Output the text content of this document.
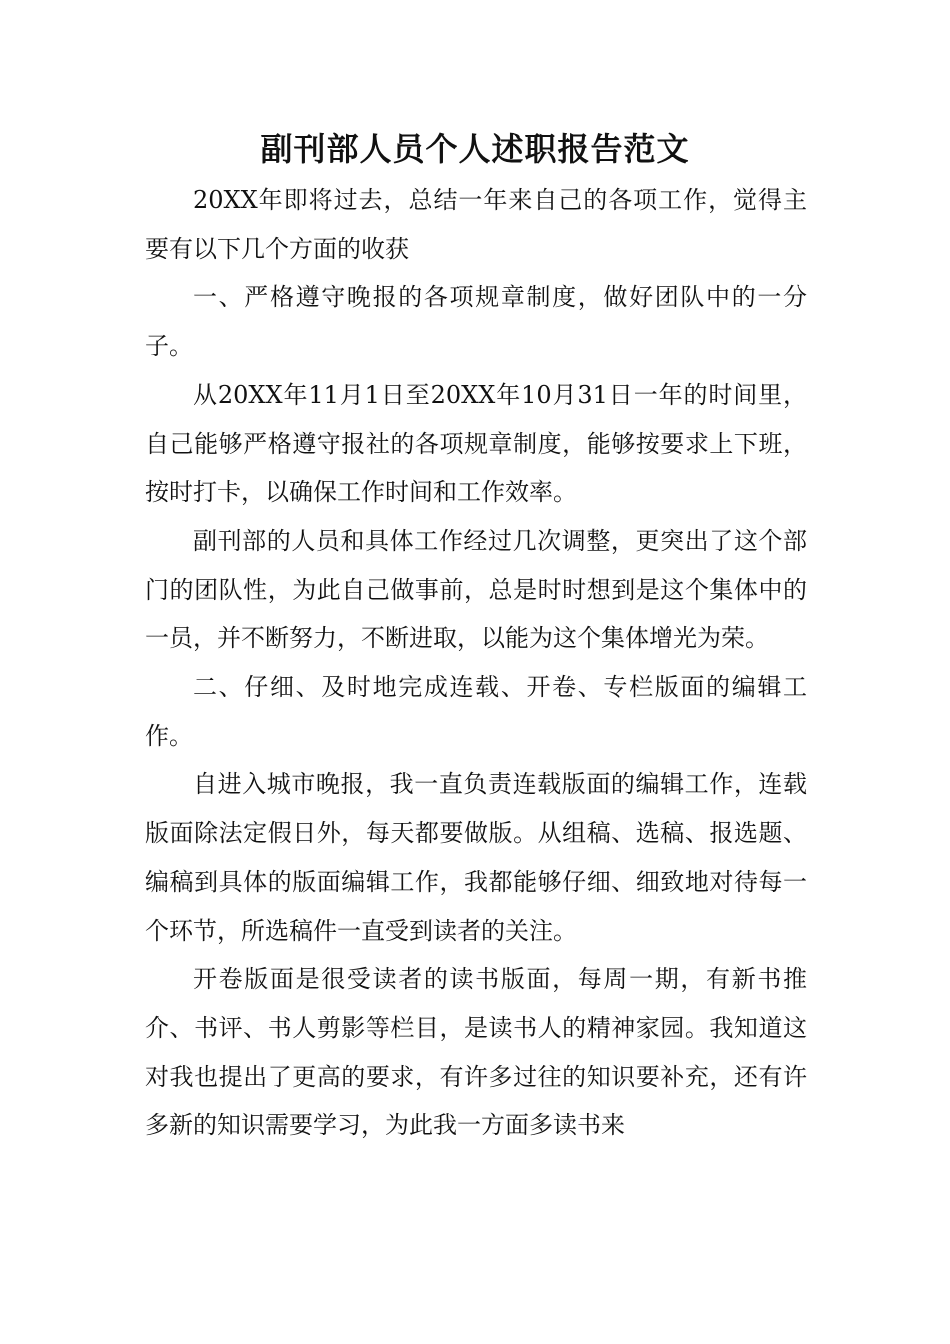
副刊部人员个人述职报告范文

20XX年即将过去，总结一年来自己的各项工作，觉得主要有以下几个方面的收获

一、严格遵守晚报的各项规章制度，做好团队中的一分子。

从20XX年11月1日至20XX年10月31日一年的时间里，自己能够严格遵守报社的各项规章制度，能够按要求上下班，按时打卡，以确保工作时间和工作效率。

副刊部的人员和具体工作经过几次调整，更突出了这个部门的团队性，为此自己做事前，总是时时想到是这个集体中的一员，并不断努力，不断进取，以能为这个集体增光为荣。

二、仔细、及时地完成连载、开卷、专栏版面的编辑工作。

自进入城市晚报，我一直负责连载版面的编辑工作，连载版面除法定假日外，每天都要做版。从组稿、选稿、报选题、编稿到具体的版面编辑工作，我都能够仔细、细致地对待每一个环节，所选稿件一直受到读者的关注。

开卷版面是很受读者的读书版面，每周一期，有新书推介、书评、书人剪影等栏目，是读书人的精神家园。我知道这对我也提出了更高的要求，有许多过往的知识要补充，还有许多新的知识需要学习，为此我一方面多读书来
